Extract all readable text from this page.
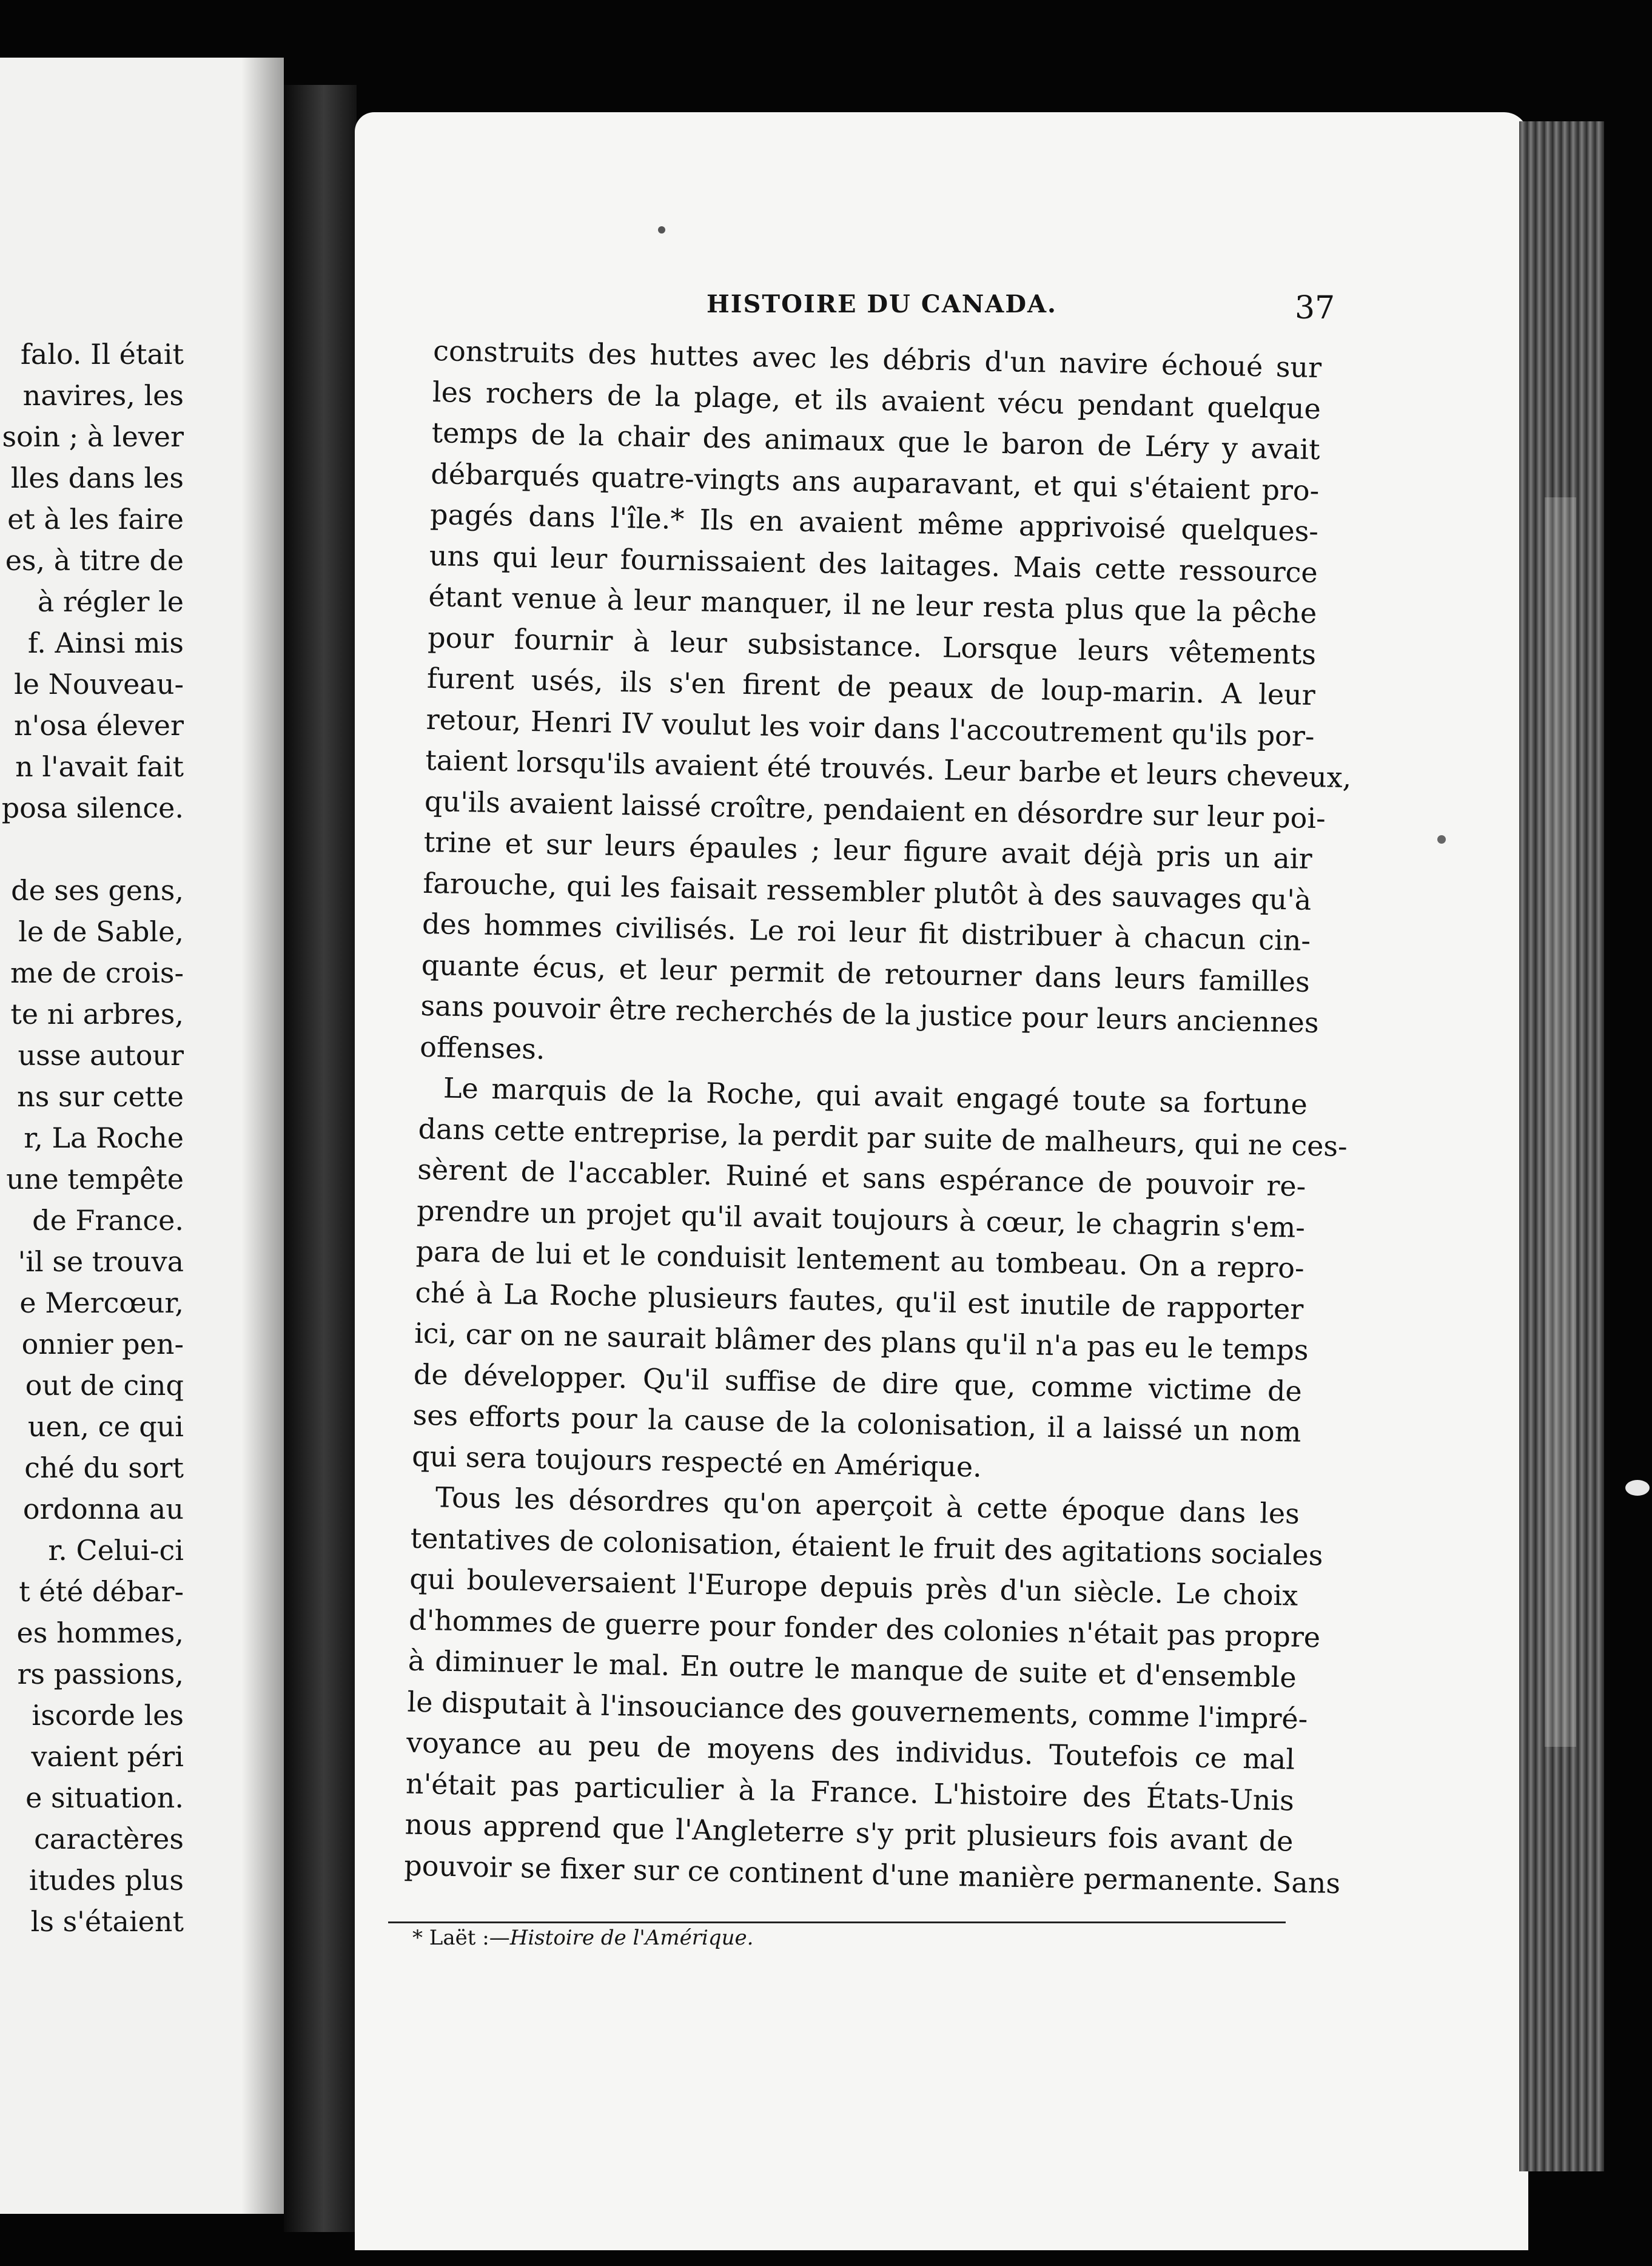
falo. Il était
navires, les
soin ; à lever
lles dans les
et à les faire
es, à titre de
à régler le
f. Ainsi mis
le Nouveau-
n'osa élever
n l'avait fait
posa silence.
de ses gens,
le de Sable,
me de crois-
te ni arbres,
usse autour
ns sur cette
r, La Roche
une tempête
de France.
'il se trouva
e Mercœur,
onnier pen-
out de cinq
uen, ce qui
ché du sort
ordonna au
r. Celui-ci
t été débar-
es hommes,
rs passions,
iscorde les
vaient péri
e situation.
caractères
itudes plus
ls s'étaient
HISTOIRE DU CANADA.	37
construits des huttes avec les débris d'un navire échoué sur
les rochers de la plage, et ils avaient vécu pendant quelque
temps de la chair des animaux que le baron de Léry y avait
débarqués quatre-vingts ans auparavant, et qui s'étaient pro-
pagés dans l'île.* Ils en avaient même apprivoisé quelques-
uns qui leur fournissaient des laitages. Mais cette ressource
étant venue à leur manquer, il ne leur resta plus que la pêche
pour fournir à leur subsistance. Lorsque leurs vêtements
furent usés, ils s'en firent de peaux de loup-marin. A leur
retour, Henri IV voulut les voir dans l'accoutrement qu'ils por-
taient lorsqu'ils avaient été trouvés. Leur barbe et leurs cheveux,
qu'ils avaient laissé croître, pendaient en désordre sur leur poi-
trine et sur leurs épaules ; leur figure avait déjà pris un air
farouche, qui les faisait ressembler plutôt à des sauvages qu'à
des hommes civilisés. Le roi leur fit distribuer à chacun cin-
quante écus, et leur permit de retourner dans leurs familles
sans pouvoir être recherchés de la justice pour leurs anciennes
offenses.
Le marquis de la Roche, qui avait engagé toute sa fortune
dans cette entreprise, la perdit par suite de malheurs, qui ne ces-
sèrent de l'accabler. Ruiné et sans espérance de pouvoir re-
prendre un projet qu'il avait toujours à cœur, le chagrin s'em-
para de lui et le conduisit lentement au tombeau. On a repro-
ché à La Roche plusieurs fautes, qu'il est inutile de rapporter
ici, car on ne saurait blâmer des plans qu'il n'a pas eu le temps
de développer. Qu'il suffise de dire que, comme victime de
ses efforts pour la cause de la colonisation, il a laissé un nom
qui sera toujours respecté en Amérique.
Tous les désordres qu'on aperçoit à cette époque dans les
tentatives de colonisation, étaient le fruit des agitations sociales
qui bouleversaient l'Europe depuis près d'un siècle. Le choix
d'hommes de guerre pour fonder des colonies n'était pas propre
à diminuer le mal. En outre le manque de suite et d'ensemble
le disputait à l'insouciance des gouvernements, comme l'impré-
voyance au peu de moyens des individus. Toutefois ce mal
n'était pas particulier à la France. L'histoire des États-Unis
nous apprend que l'Angleterre s'y prit plusieurs fois avant de
pouvoir se fixer sur ce continent d'une manière permanente. Sans
* Laët :—Histoire de l'Amérique.
